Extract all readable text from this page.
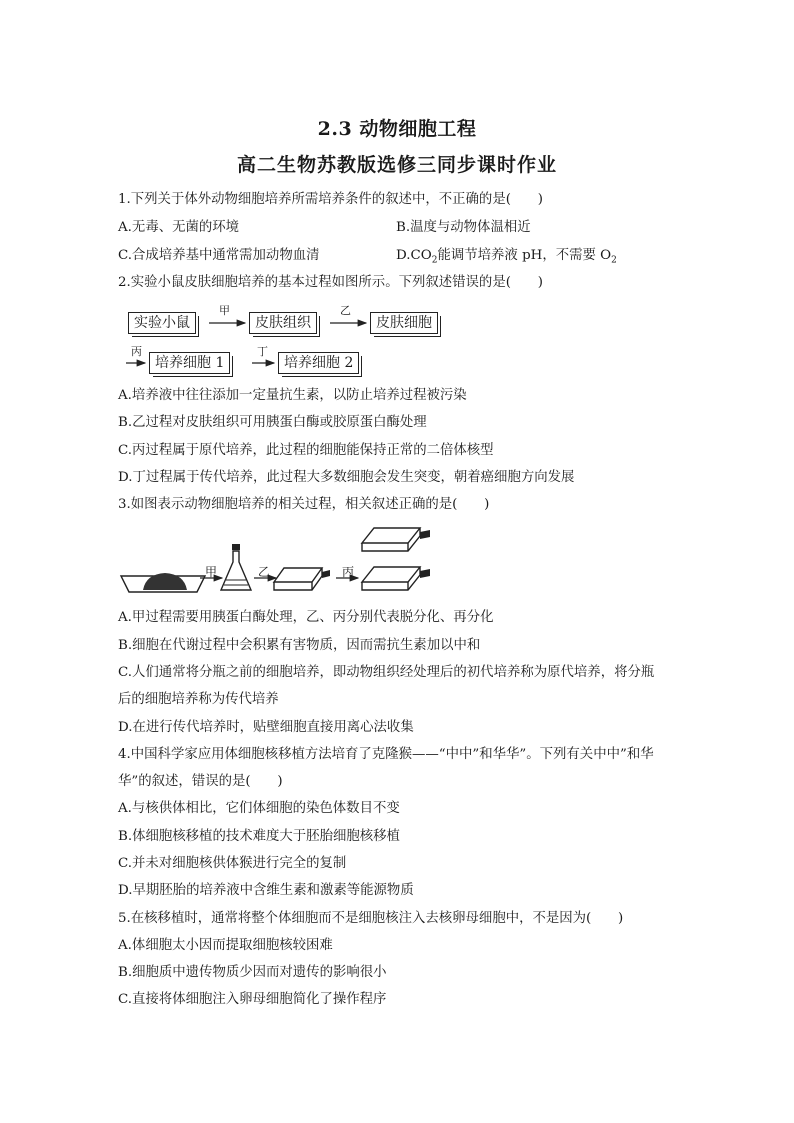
2.3 动物细胞工程
高二生物苏教版选修三同步课时作业
1.下列关于体外动物细胞培养所需培养条件的叙述中，不正确的是(　　)
A.无毒、无菌的环境	B.温度与动物体温相近
C.合成培养基中通常需加动物血清	$D.CO_2$能调节培养液 pH，不需要 $O_2$
2.实验小鼠皮肤细胞培养的基本过程如图所示。下列叙述错误的是(　　)
实验小鼠	皮肤组织	皮肤细胞
培养细胞 1	培养细胞 2
甲	乙
丙	丁
A.培养液中往往添加一定量抗生素，以防止培养过程被污染
B.乙过程对皮肤组织可用胰蛋白酶或胶原蛋白酶处理
C.丙过程属于原代培养，此过程的细胞能保持正常的二倍体核型
D.丁过程属于传代培养，此过程大多数细胞会发生突变，朝着癌细胞方向发展
3.如图表示动物细胞培养的相关过程，相关叙述正确的是(　　)
甲	乙	丙
A.甲过程需要用胰蛋白酶处理，乙、丙分别代表脱分化、再分化
B.细胞在代谢过程中会积累有害物质，因而需抗生素加以中和
C.人们通常将分瓶之前的细胞培养，即动物组织经处理后的初代培养称为原代培养，将分瓶
后的细胞培养称为传代培养
D.在进行传代培养时，贴壁细胞直接用离心法收集
4.中国科学家应用体细胞核移植方法培育了克隆猴——“中中”和华华”。下列有关中中”和华
华”的叙述，错误的是(　　)
A.与核供体相比，它们体细胞的染色体数目不变
B.体细胞核移植的技术难度大于胚胎细胞核移植
C.并未对细胞核供体猴进行完全的复制
D.早期胚胎的培养液中含维生素和激素等能源物质
5.在核移植时，通常将整个体细胞而不是细胞核注入去核卵母细胞中，不是因为(　　)
A.体细胞太小因而提取细胞核较困难
B.细胞质中遗传物质少因而对遗传的影响很小
C.直接将体细胞注入卵母细胞简化了操作程序
